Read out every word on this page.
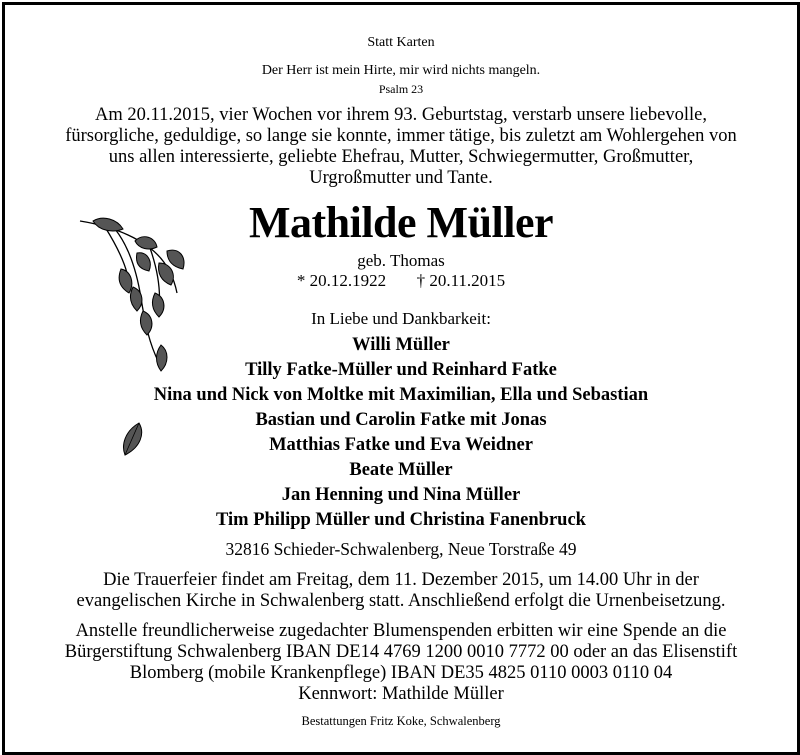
Statt Karten
Der Herr ist mein Hirte, mir wird nichts mangeln.
Psalm 23
Am 20.11.2015, vier Wochen vor ihrem 93. Geburtstag, verstarb unsere liebevolle,
fürsorgliche, geduldige, so lange sie konnte, immer tätige, bis zuletzt am Wohlergehen von
uns allen interessierte, geliebte Ehefrau, Mutter, Schwiegermutter, Großmutter,
Urgroßmutter und Tante.
Mathilde Müller
geb. Thomas
* 20.12.1922 † 20.11.2015
In Liebe und Dankbarkeit:
Willi Müller
Tilly Fatke-Müller und Reinhard Fatke
Nina und Nick von Moltke mit Maximilian, Ella und Sebastian
Bastian und Carolin Fatke mit Jonas
Matthias Fatke und Eva Weidner
Beate Müller
Jan Henning und Nina Müller
Tim Philipp Müller und Christina Fanenbruck
32816 Schieder-Schwalenberg, Neue Torstraße 49
Die Trauerfeier findet am Freitag, dem 11. Dezember 2015, um 14.00 Uhr in der
evangelischen Kirche in Schwalenberg statt. Anschließend erfolgt die Urnenbeisetzung.
Anstelle freundlicherweise zugedachter Blumenspenden erbitten wir eine Spende an die
Bürgerstiftung Schwalenberg IBAN DE14 4769 1200 0010 7772 00 oder an das Elisenstift
Blomberg (mobile Krankenpflege) IBAN DE35 4825 0110 0003 0110 04
Kennwort: Mathilde Müller
Bestattungen Fritz Koke, Schwalenberg
